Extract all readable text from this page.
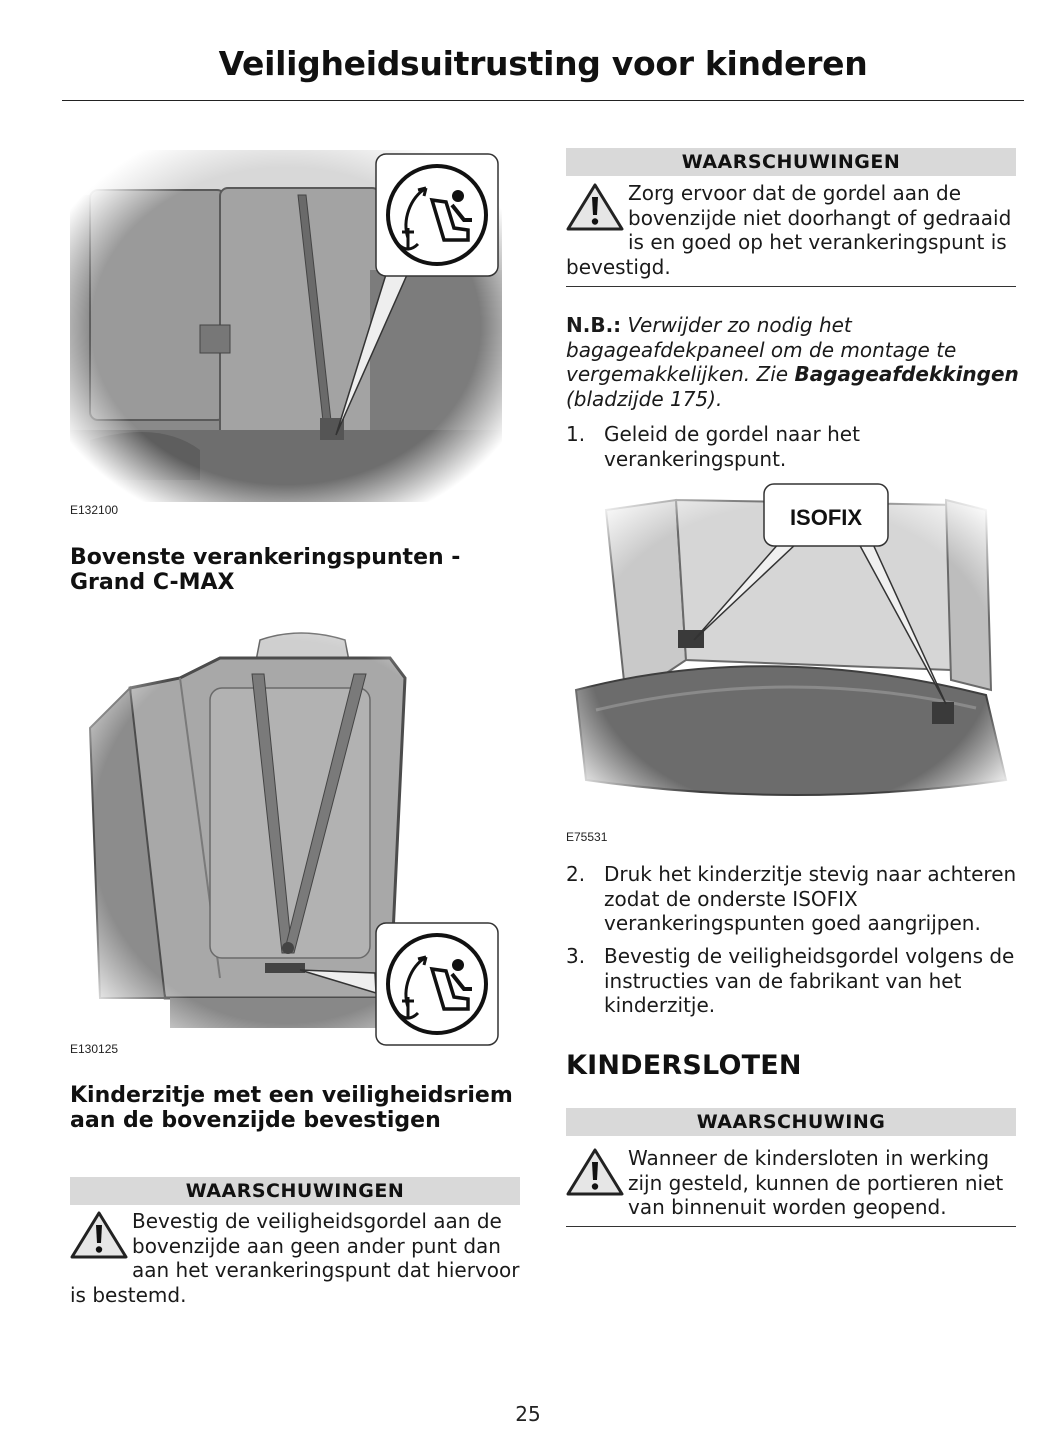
Veiligheidsuitrusting voor kinderen
E132100
Bovenste verankeringspunten - Grand C-MAX
E130125
Kinderzitje met een veiligheidsriem aan de bovenzijde bevestigen
WAARSCHUWINGEN
Bevestig de veiligheidsgordel aan de bovenzijde aan geen ander punt dan aan het verankeringspunt dat hiervoor is bestemd.
WAARSCHUWINGEN
Zorg ervoor dat de gordel aan de bovenzijde niet doorhangt of gedraaid is en goed op het verankeringspunt is bevestigd.
N.B.: Verwijder zo nodig het bagageafdekpaneel om de montage te vergemakkelijken. Zie Bagageafdekkingen (bladzijde 175).
1. Geleid de gordel naar het verankeringspunt.
ISOFIX
E75531
2. Druk het kinderzitje stevig naar achteren zodat de onderste ISOFIX verankeringspunten goed aangrijpen.
3. Bevestig de veiligheidsgordel volgens de instructies van de fabrikant van het kinderzitje.
KINDERSLOTEN
WAARSCHUWING
Wanneer de kindersloten in werking zijn gesteld, kunnen de portieren niet van binnenuit worden geopend.
25
